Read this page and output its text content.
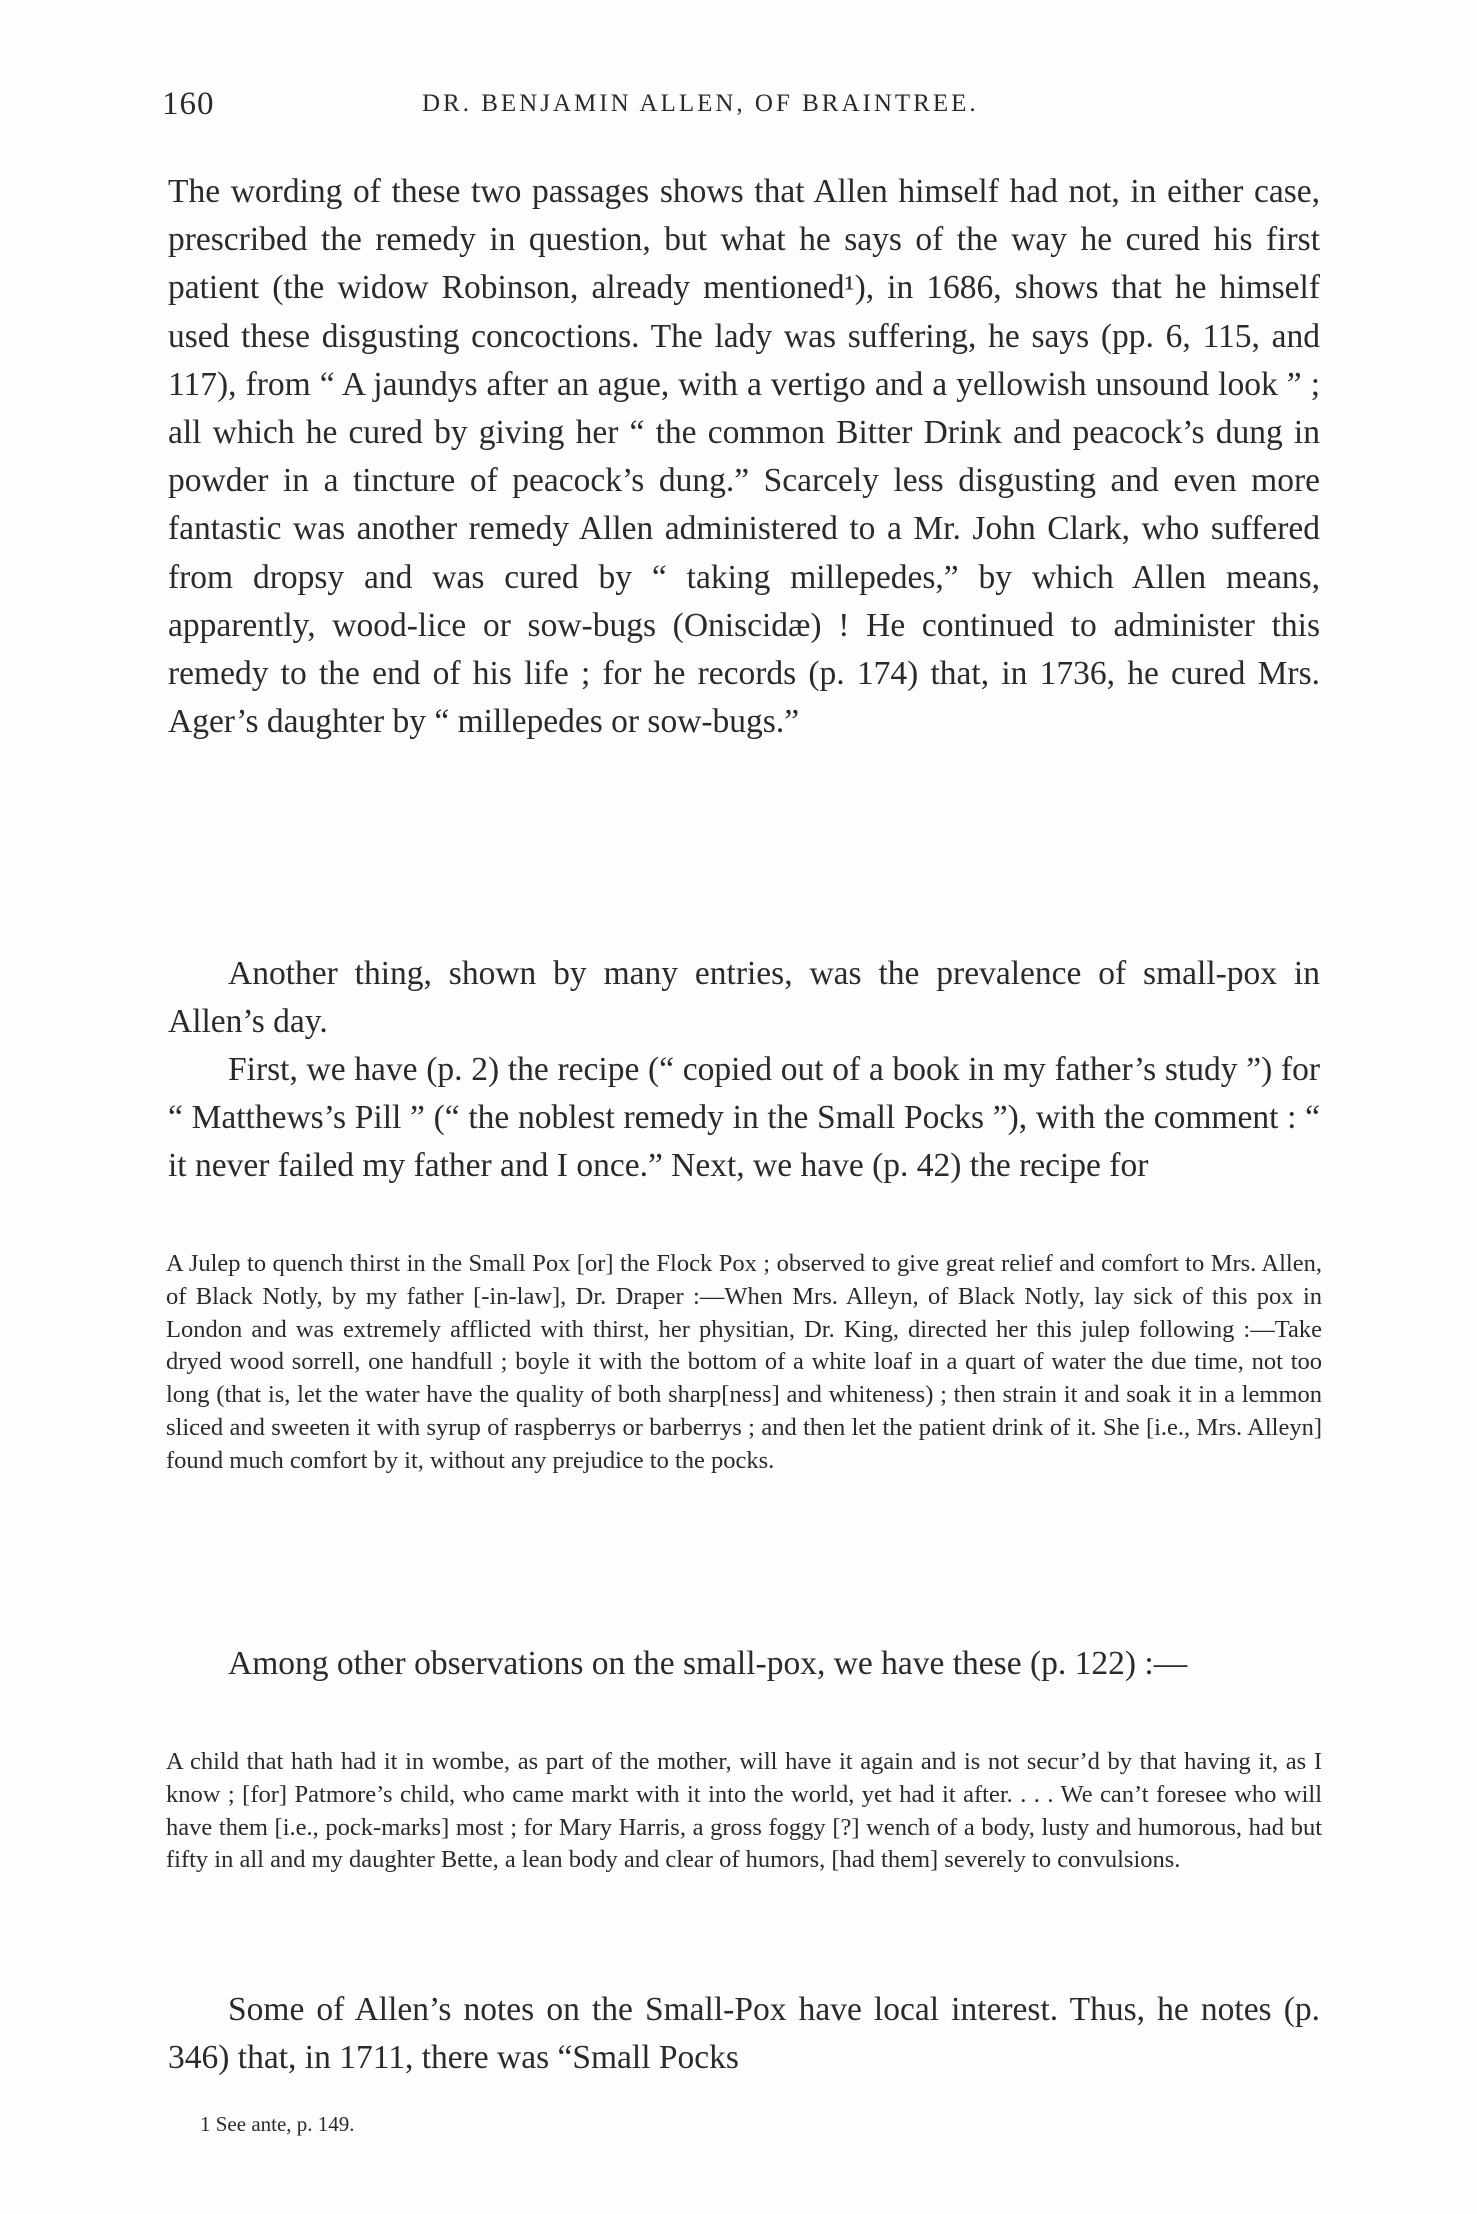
160	DR. BENJAMIN ALLEN, OF BRAINTREE.

The wording of these two passages shows that Allen himself had not, in either case, prescribed the remedy in question, but what he says of the way he cured his first patient (the widow Robinson, already mentioned¹), in 1686, shows that he himself used these disgusting concoctions. The lady was suffering, he says (pp. 6, 115, and 117), from “ A jaundys after an ague, with a vertigo and a yellowish unsound look ” ; all which he cured by giving her “ the common Bitter Drink and peacock’s dung in powder in a tincture of peacock’s dung.” Scarcely less disgusting and even more fantastic was another remedy Allen administered to a Mr. John Clark, who suffered from dropsy and was cured by “ taking millepedes,” by which Allen means, apparently, wood-lice or sow-bugs (Oniscidæ) ! He continued to administer this remedy to the end of his life ; for he records (p. 174) that, in 1736, he cured Mrs. Ager’s daughter by “ millepedes or sow-bugs.”

Another thing, shown by many entries, was the prevalence of small-pox in Allen’s day.

First, we have (p. 2) the recipe (“ copied out of a book in my father’s study ”) for “ Matthews’s Pill ” (“ the noblest remedy in the Small Pocks ”), with the comment : “ it never failed my father and I once.” Next, we have (p. 42) the recipe for

A Julep to quench thirst in the Small Pox [or] the Flock Pox ; observed to give great relief and comfort to Mrs. Allen, of Black Notly, by my father [-in-law], Dr. Draper :—When Mrs. Alleyn, of Black Notly, lay sick of this pox in London and was extremely afflicted with thirst, her physitian, Dr. King, directed her this julep following :—Take dryed wood sorrell, one handfull ; boyle it with the bottom of a white loaf in a quart of water the due time, not too long (that is, let the water have the quality of both sharp[ness] and whiteness) ; then strain it and soak it in a lemmon sliced and sweeten it with syrup of raspberrys or barberrys ; and then let the patient drink of it. She [i.e., Mrs. Alleyn] found much comfort by it, without any prejudice to the pocks.

Among other observations on the small-pox, we have these (p. 122) :—

A child that hath had it in wombe, as part of the mother, will have it again and is not secur’d by that having it, as I know ; [for] Patmore’s child, who came markt with it into the world, yet had it after. . . . We can’t foresee who will have them [i.e., pock-marks] most ; for Mary Harris, a gross foggy [?] wench of a body, lusty and humorous, had but fifty in all and my daughter Bette, a lean body and clear of humors, [had them] severely to convulsions.

Some of Allen’s notes on the Small-Pox have local interest. Thus, he notes (p. 346) that, in 1711, there was “Small Pocks

1 See ante, p. 149.
